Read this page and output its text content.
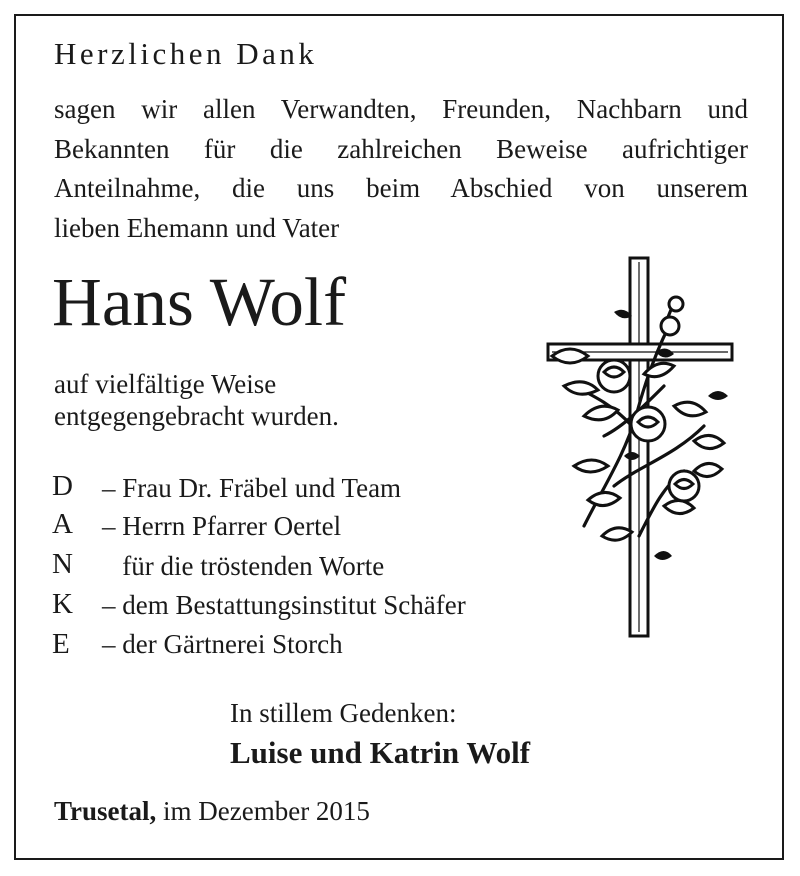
Herzlichen Dank
sagen wir allen Verwandten, Freunden, Nachbarn und
Bekannten für die zahlreichen Beweise aufrichtiger
Anteilnahme, die uns beim Abschied von unserem
lieben Ehemann und Vater
Hans Wolf
auf vielfältige Weise
entgegengebracht wurden.
D
A
N
K
E
– Frau Dr. Fräbel und Team
– Herrn Pfarrer Oertel
für die tröstenden Worte
– dem Bestattungsinstitut Schäfer
– der Gärtnerei Storch
In stillem Gedenken:
Luise und Katrin Wolf
Trusetal, im Dezember 2015
